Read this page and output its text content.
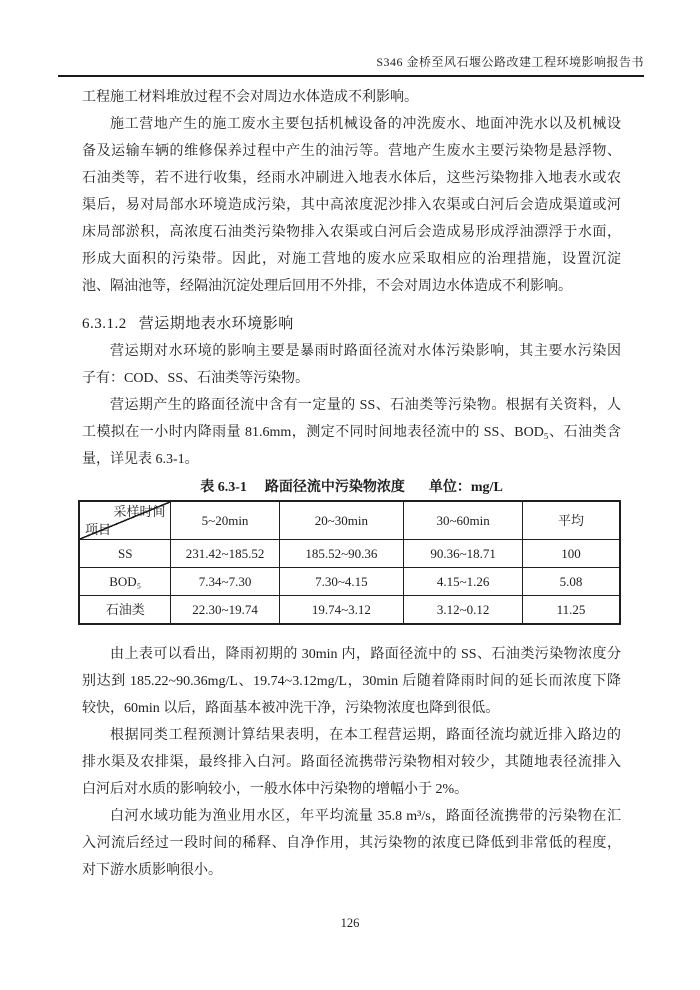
S346 金桥至风石堰公路改建工程环境影响报告书
工程施工材料堆放过程不会对周边水体造成不利影响。
施工营地产生的施工废水主要包括机械设备的冲洗废水、地面冲洗水以及机械设
备及运输车辆的维修保养过程中产生的油污等。营地产生废水主要污染物是悬浮物、
石油类等，若不进行收集，经雨水冲刷进入地表水体后，这些污染物排入地表水或农
渠后，易对局部水环境造成污染，其中高浓度泥沙排入农渠或白河后会造成渠道或河
床局部淤积，高浓度石油类污染物排入农渠或白河后会造成易形成浮油漂浮于水面，
形成大面积的污染带。因此，对施工营地的废水应采取相应的治理措施，设置沉淀
池、隔油池等，经隔油沉淀处理后回用不外排，不会对周边水体造成不利影响。
6.3.1.2 营运期地表水环境影响
营运期对水环境的影响主要是暴雨时路面径流对水体污染影响，其主要水污染因
子有：COD、SS、石油类等污染物。
营运期产生的路面径流中含有一定量的 SS、石油类等污染物。根据有关资料，人
工模拟在一小时内降雨量 81.6mm，测定不同时间地表径流中的 SS、BOD₅、石油类含
量，详见表 6.3-1。
表 6.3-1 路面径流中污染物浓度 单位：mg/L
采样时间
项目	5~20min	20~30min	30~60min	平均
SS	231.42~185.52	185.52~90.36	90.36~18.71	100
BOD₅	7.34~7.30	7.30~4.15	4.15~1.26	5.08
石油类	22.30~19.74	19.74~3.12	3.12~0.12	11.25
由上表可以看出，降雨初期的 30min 内，路面径流中的 SS、石油类污染物浓度分
别达到 185.22~90.36mg/L、19.74~3.12mg/L，30min 后随着降雨时间的延长而浓度下降
较快，60min 以后，路面基本被冲洗干净，污染物浓度也降到很低。
根据同类工程预测计算结果表明，在本工程营运期，路面径流均就近排入路边的
排水渠及农排渠，最终排入白河。路面径流携带污染物相对较少，其随地表径流排入
白河后对水质的影响较小，一般水体中污染物的增幅小于 2%。
白河水域功能为渔业用水区，年平均流量 35.8 m³/s，路面径流携带的污染物在汇
入河流后经过一段时间的稀释、自净作用，其污染物的浓度已降低到非常低的程度，
对下游水质影响很小。
126
